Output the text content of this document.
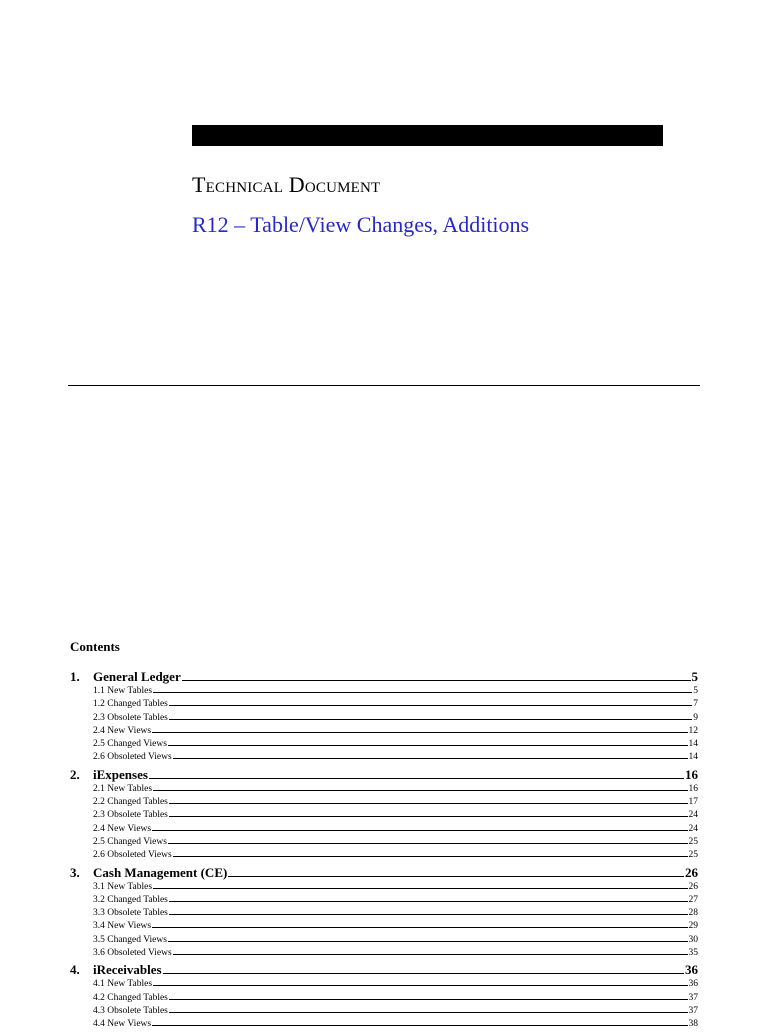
Technical Document
R12 – Table/View Changes, Additions
Contents
1.	General Ledger	5
1.1 New Tables	5
1.2 Changed Tables	7
2.3 Obsolete Tables	9
2.4 New Views	12
2.5 Changed Views	14
2.6 Obsoleted Views	14
2.	iExpenses	16
2.1 New Tables	16
2.2 Changed Tables	17
2.3 Obsolete Tables	24
2.4 New Views	24
2.5 Changed Views	25
2.6 Obsoleted Views	25
3.	Cash Management (CE)	26
3.1 New Tables	26
3.2 Changed Tables	27
3.3 Obsolete Tables	28
3.4 New Views	29
3.5 Changed Views	30
3.6 Obsoleted Views	35
4.	iReceivables	36
4.1 New Tables	36
4.2 Changed Tables	37
4.3 Obsolete Tables	37
4.4 New Views	38
